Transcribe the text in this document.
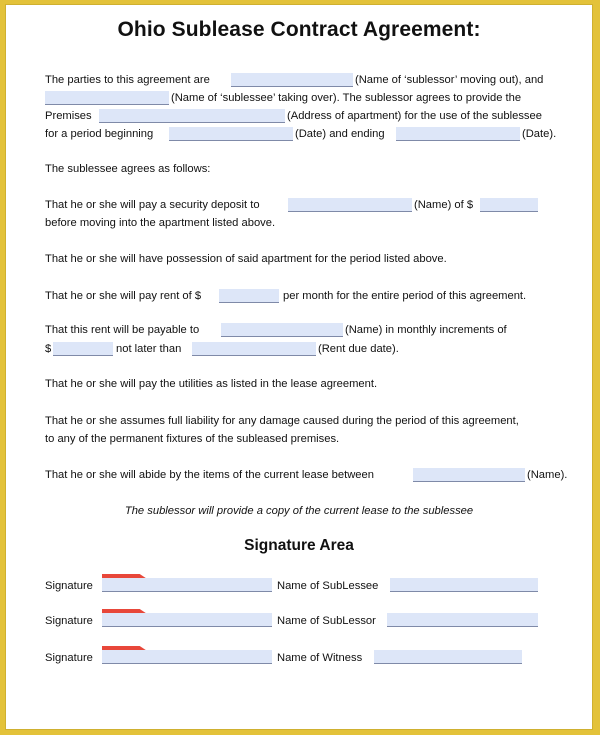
Ohio Sublease Contract Agreement:
The parties to this agreement are	(Name of ‘sublessor’ moving out), and
(Name of ‘sublessee’ taking over). The sublessor agrees to provide the
Premises	(Address of apartment) for the use of the sublessee
for a period beginning	(Date) and ending	(Date).
The sublessee agrees as follows:
That he or she will pay a security deposit to	(Name) of $
before moving into the apartment listed above.
That he or she will have possession of said apartment for the period listed above.
That he or she will pay rent of $	per month for the entire period of this agreement.
That this rent will be payable to	(Name) in monthly increments of
$	not later than	(Rent due date).
That he or she will pay the utilities as listed in the lease agreement.
That he or she assumes full liability for any damage caused during the period of this agreement,
to any of the permanent fixtures of the subleased premises.
That he or she will abide by the items of the current lease between	(Name).
The sublessor will provide a copy of the current lease to the sublessee
Signature Area
Signature	Name of SubLessee
Signature	Name of SubLessor
Signature	Name of Witness
